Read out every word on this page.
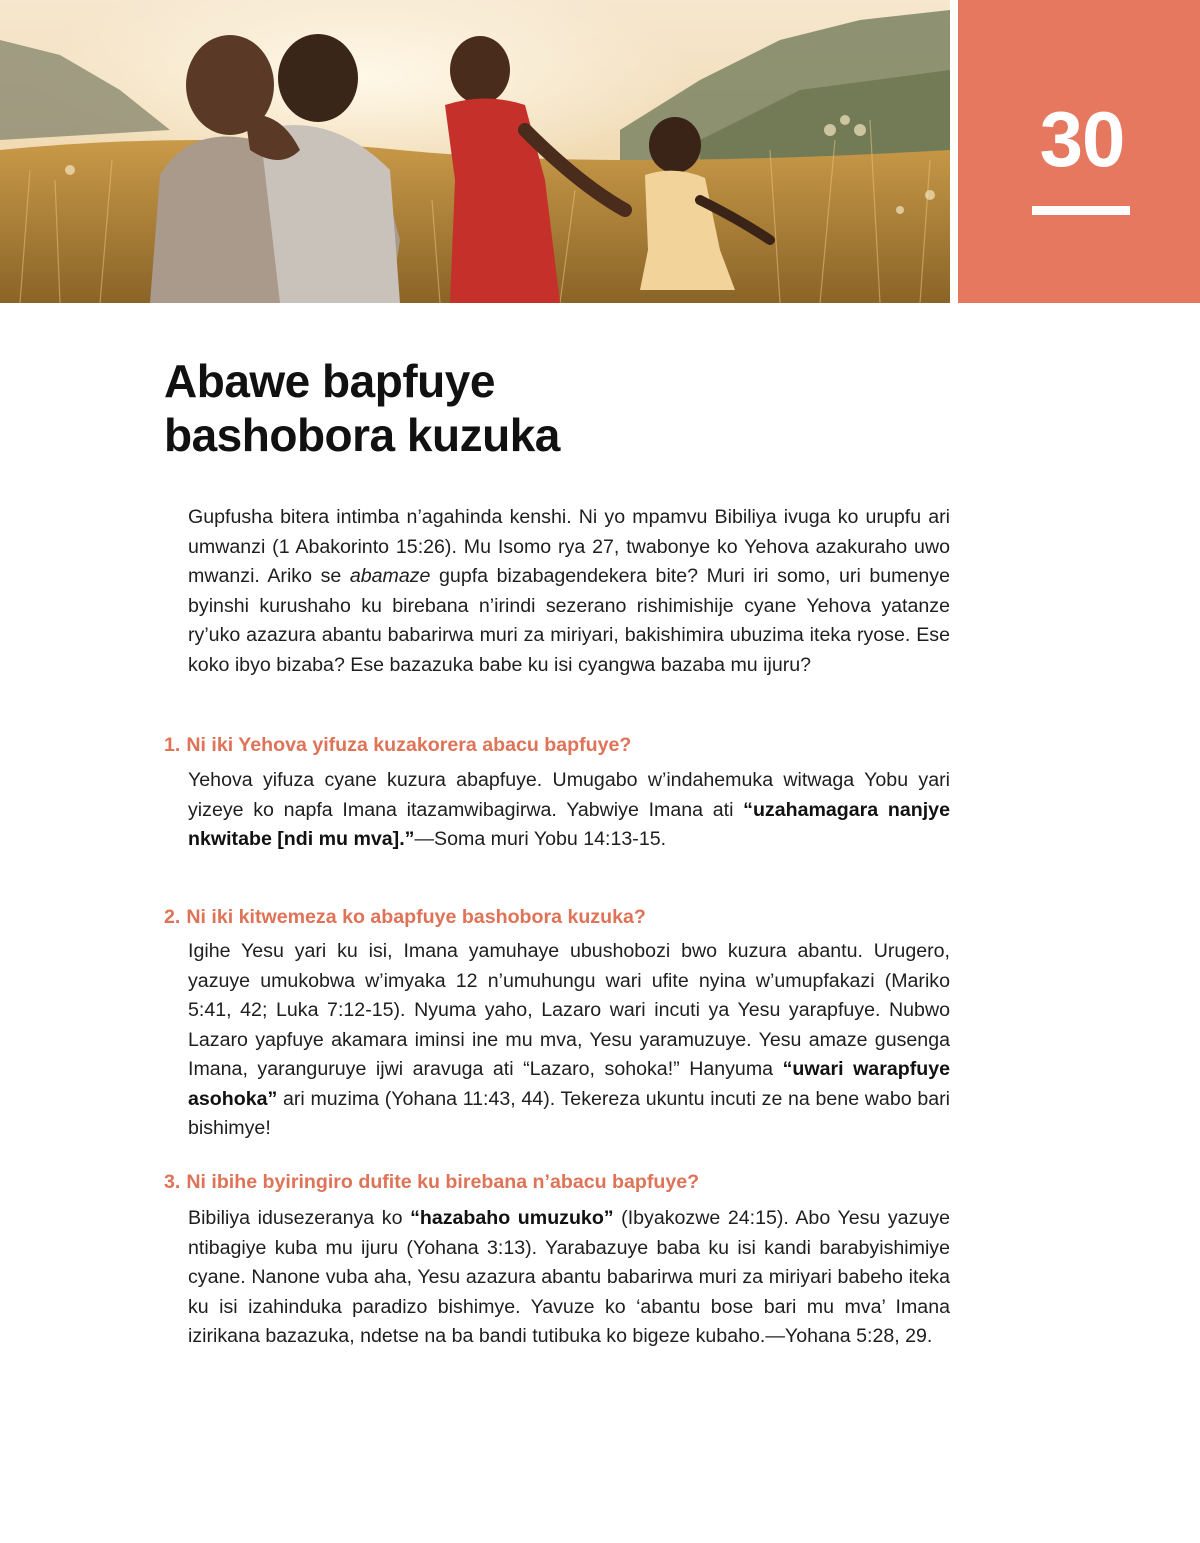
30
Abawe bapfuye
bashobora kuzuka

Gupfusha bitera intimba n’agahinda kenshi. Ni yo mpamvu Bibiliya ivuga ko urupfu ari umwanzi (1 Abakorinto 15:26). Mu Isomo rya 27, twabonye ko Yehova azakuraho uwo mwanzi. Ariko se abamaze gupfa bizabagendekera bite? Muri iri somo, uri bumenye byinshi kurushaho ku birebana n’irindi sezerano rishimishije cyane Yehova yatanze ry’uko azazura abantu babarirwa muri za miriyari, bakishimira ubuzima iteka ryose. Ese koko ibyo bizaba? Ese bazazuka babe ku isi cyangwa bazaba mu ijuru?

1. Ni iki Yehova yifuza kuzakorera abacu bapfuye?

Yehova yifuza cyane kuzura abapfuye. Umugabo w’indahemuka witwaga Yobu yari yizeye ko napfa Imana itazamwibagirwa. Yabwiye Imana ati “uzahamagara nanjye nkwitabe [ndi mu mva].”—Soma muri Yobu 14:13-15.

2. Ni iki kitwemeza ko abapfuye bashobora kuzuka?

Igihe Yesu yari ku isi, Imana yamuhaye ubushobozi bwo kuzura abantu. Urugero, yazuye umukobwa w’imyaka 12 n’umuhungu wari ufite nyina w’umupfakazi (Mariko 5:41, 42; Luka 7:12-15). Nyuma yaho, Lazaro wari incuti ya Yesu yarapfuye. Nubwo Lazaro yapfuye akamara iminsi ine mu mva, Yesu yaramuzuye. Yesu amaze gusenga Imana, yaranguruye ijwi aravuga ati “Lazaro, sohoka!” Hanyuma “uwari warapfuye asohoka” ari muzima (Yohana 11:43, 44). Tekereza ukuntu incuti ze na bene wabo bari bishimye!

3. Ni ibihe byiringiro dufite ku birebana n’abacu bapfuye?

Bibiliya idusezeranya ko “hazabaho umuzuko” (Ibyakozwe 24:15). Abo Yesu yazuye ntibagiye kuba mu ijuru (Yohana 3:13). Yarabazuye baba ku isi kandi barabyishimiye cyane. Nanone vuba aha, Yesu azazura abantu babarirwa muri za miriyari babeho iteka ku isi izahinduka paradizo bishimye. Yavuze ko ‘abantu bose bari mu mva’ Imana izirikana bazazuka, ndetse na ba bandi tutibuka ko bigeze kubaho.—Yohana 5:28, 29.
